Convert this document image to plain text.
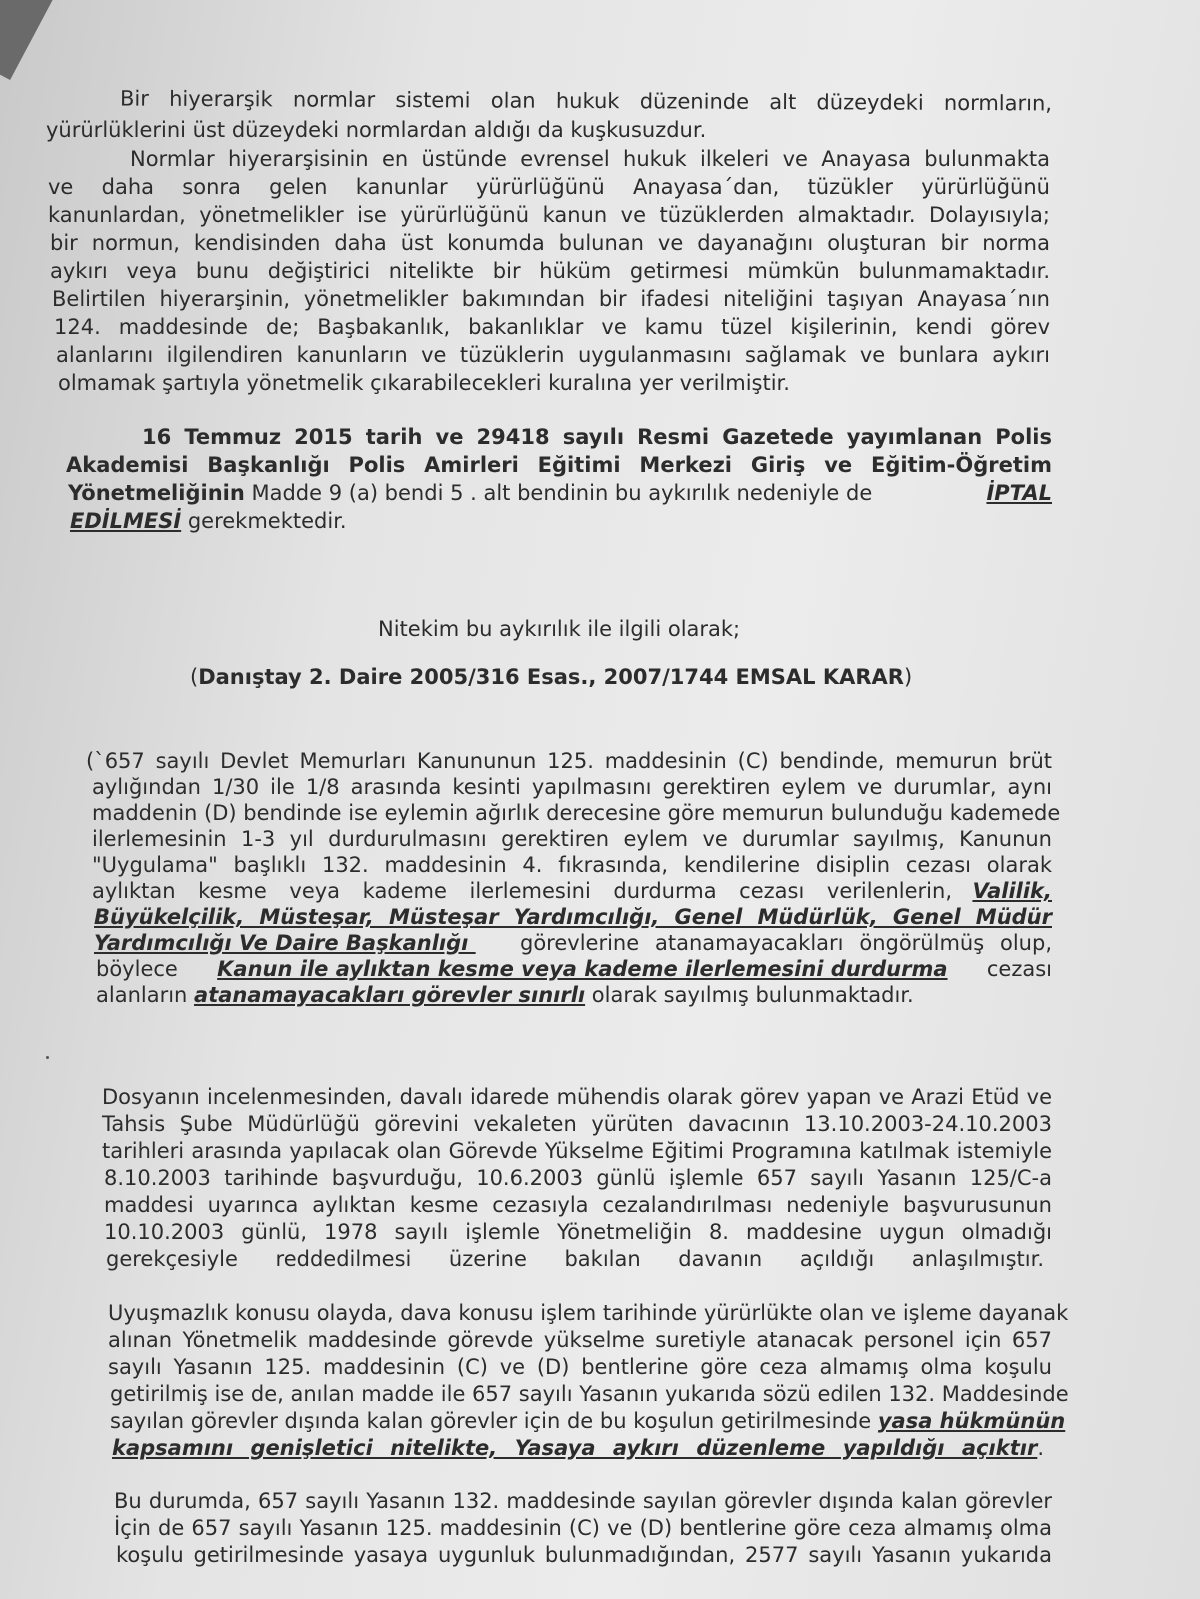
Bir hiyerarşik normlar sistemi olan hukuk düzeninde alt düzeydeki normların,
yürürlüklerini üst düzeydeki normlardan aldığı da kuşkusuzdur.
Normlar hiyerarşisinin en üstünde evrensel hukuk ilkeleri ve Anayasa bulunmakta
ve daha sonra gelen kanunlar yürürlüğünü Anayasa´dan, tüzükler yürürlüğünü
kanunlardan, yönetmelikler ise yürürlüğünü kanun ve tüzüklerden almaktadır. Dolayısıyla;
bir normun, kendisinden daha üst konumda bulunan ve dayanağını oluşturan bir norma
aykırı veya bunu değiştirici nitelikte bir hüküm getirmesi mümkün bulunmamaktadır.
Belirtilen hiyerarşinin, yönetmelikler bakımından bir ifadesi niteliğini taşıyan Anayasa´nın
124. maddesinde de; Başbakanlık, bakanlıklar ve kamu tüzel kişilerinin, kendi görev
alanlarını ilgilendiren kanunların ve tüzüklerin uygulanmasını sağlamak ve bunlara aykırı
olmamak şartıyla yönetmelik çıkarabilecekleri kuralına yer verilmiştir.
16 Temmuz 2015 tarih ve 29418 sayılı Resmi Gazetede yayımlanan Polis
Akademisi Başkanlığı Polis Amirleri Eğitimi Merkezi Giriş ve Eğitim-Öğretim
Yönetmeliğinin Madde 9 (a) bendi 5 . alt bendinin bu aykırılık nedeniyle de	İPTAL
EDİLMESİ gerekmektedir.
Nitekim bu aykırılık ile ilgili olarak;
(Danıştay 2. Daire 2005/316 Esas., 2007/1744 EMSAL KARAR)
(`657 sayılı Devlet Memurları Kanununun 125. maddesinin (C) bendinde, memurun brüt
aylığından 1/30 ile 1/8 arasında kesinti yapılmasını gerektiren eylem ve durumlar, aynı
maddenin (D) bendinde ise eylemin ağırlık derecesine göre memurun bulunduğu kademede
ilerlemesinin 1-3 yıl durdurulmasını gerektiren eylem ve durumlar sayılmış, Kanunun
"Uygulama" başlıklı 132. maddesinin 4. fıkrasında, kendilerine disiplin cezası olarak
aylıktan kesme veya kademe ilerlemesini durdurma cezası verilenlerin, Valilik,
Büyükelçilik, Müsteşar, Müsteşar Yardımcılığı, Genel Müdürlük, Genel Müdür
Yardımcılığı Ve Daire Başkanlığı görevlerine atanamayacakları öngörülmüş olup,
böylece Kanun ile aylıktan kesme veya kademe ilerlemesini durdurma cezası
alanların atanamayacakları görevler sınırlı olarak sayılmış bulunmaktadır.
Dosyanın incelenmesinden, davalı idarede mühendis olarak görev yapan ve Arazi Etüd ve
Tahsis Şube Müdürlüğü görevini vekaleten yürüten davacının 13.10.2003-24.10.2003
tarihleri arasında yapılacak olan Görevde Yükselme Eğitimi Programına katılmak istemiyle
8.10.2003 tarihinde başvurduğu, 10.6.2003 günlü işlemle 657 sayılı Yasanın 125/C-a
maddesi uyarınca aylıktan kesme cezasıyla cezalandırılması nedeniyle başvurusunun
10.10.2003 günlü, 1978 sayılı işlemle Yönetmeliğin 8. maddesine uygun olmadığı
gerekçesiyle reddedilmesi üzerine bakılan davanın açıldığı anlaşılmıştır.
Uyuşmazlık konusu olayda, dava konusu işlem tarihinde yürürlükte olan ve işleme dayanak
alınan Yönetmelik maddesinde görevde yükselme suretiyle atanacak personel için 657
sayılı Yasanın 125. maddesinin (C) ve (D) bentlerine göre ceza almamış olma koşulu
getirilmiş ise de, anılan madde ile 657 sayılı Yasanın yukarıda sözü edilen 132. Maddesinde
sayılan görevler dışında kalan görevler için de bu koşulun getirilmesinde yasa hükmünün
kapsamını genişletici nitelikte, Yasaya aykırı düzenleme yapıldığı açıktır .
Bu durumda, 657 sayılı Yasanın 132. maddesinde sayılan görevler dışında kalan görevler
İçin de 657 sayılı Yasanın 125. maddesinin (C) ve (D) bentlerine göre ceza almamış olma
koşulu getirilmesinde yasaya uygunluk bulunmadığından, 2577 sayılı Yasanın yukarıda
